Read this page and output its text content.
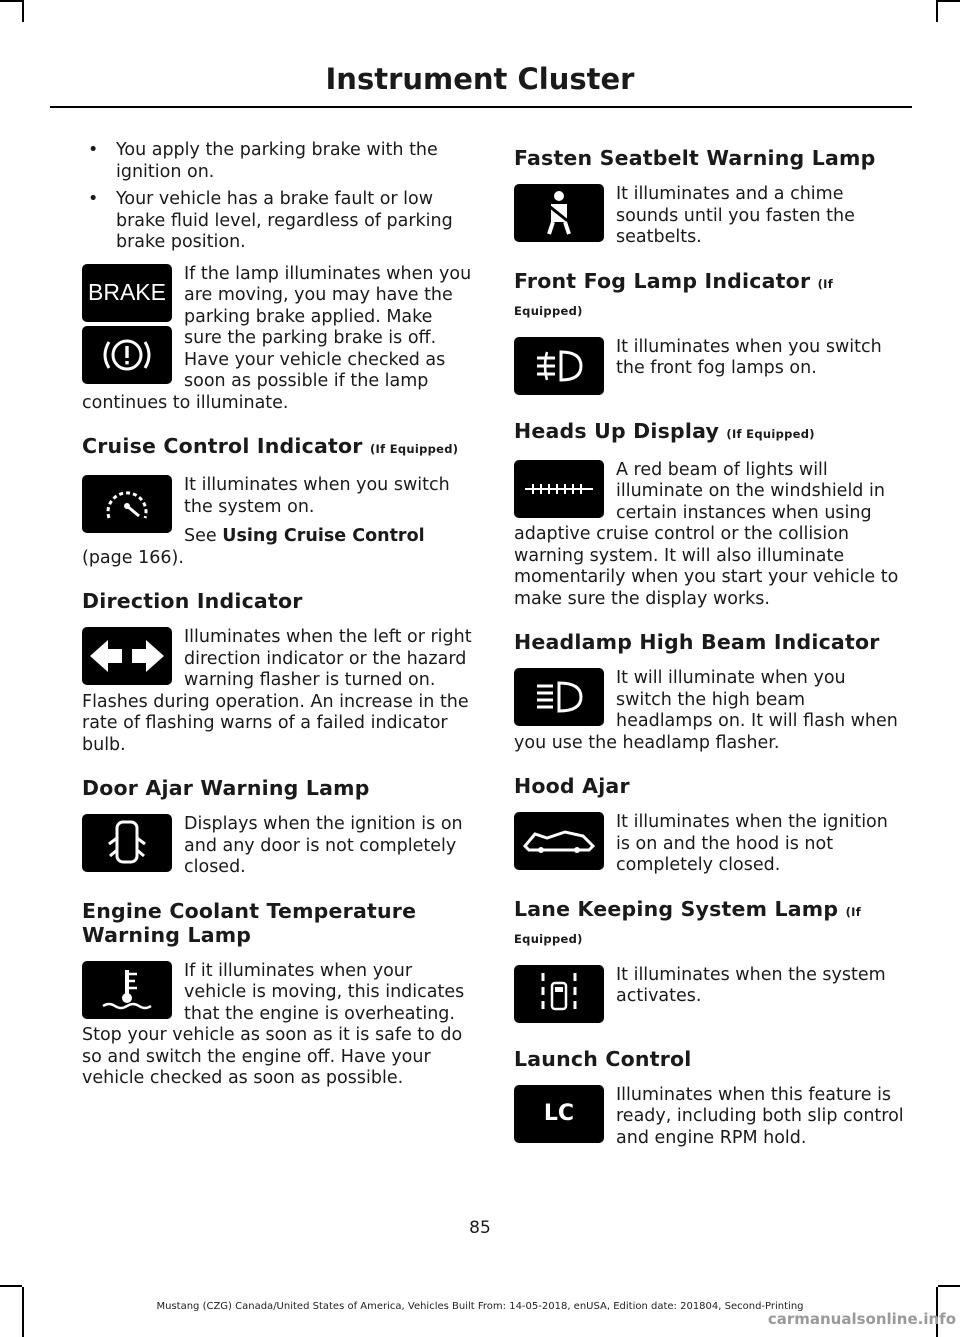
Instrument Cluster
• You apply the parking brake with the ignition on.
• Your vehicle has a brake fault or low brake fluid level, regardless of parking brake position.
BRAKE

If the lamp illuminates when you are moving, you may have the parking brake applied. Make sure the parking brake is off. Have your vehicle checked as soon as possible if the lamp continues to illuminate.

Cruise Control Indicator (If Equipped)

It illuminates when you switch the system on.

See Using Cruise Control (page 166).

Direction Indicator

Illuminates when the left or right direction indicator or the hazard warning flasher is turned on. Flashes during operation. An increase in the rate of flashing warns of a failed indicator bulb.

Door Ajar Warning Lamp

Displays when the ignition is on and any door is not completely closed.

Engine Coolant Temperature Warning Lamp

If it illuminates when your vehicle is moving, this indicates that the engine is overheating. Stop your vehicle as soon as it is safe to do so and switch the engine off. Have your vehicle checked as soon as possible.

Fasten Seatbelt Warning Lamp

It illuminates and a chime sounds until you fasten the seatbelts.

Front Fog Lamp Indicator (If Equipped)

It illuminates when you switch the front fog lamps on.

Heads Up Display (If Equipped)

A red beam of lights will illuminate on the windshield in certain instances when using adaptive cruise control or the collision warning system. It will also illuminate momentarily when you start your vehicle to make sure the display works.

Headlamp High Beam Indicator

It will illuminate when you switch the high beam headlamps on. It will flash when you use the headlamp flasher.

Hood Ajar

It illuminates when the ignition is on and the hood is not completely closed.

Lane Keeping System Lamp (If Equipped)

It illuminates when the system activates.

Launch Control
LC

Illuminates when this feature is ready, including both slip control and engine RPM hold.

85
Mustang (CZG) Canada/United States of America, Vehicles Built From: 14-05-2018, enUSA, Edition date: 201804, Second-Printing
carmanualsonline.info
